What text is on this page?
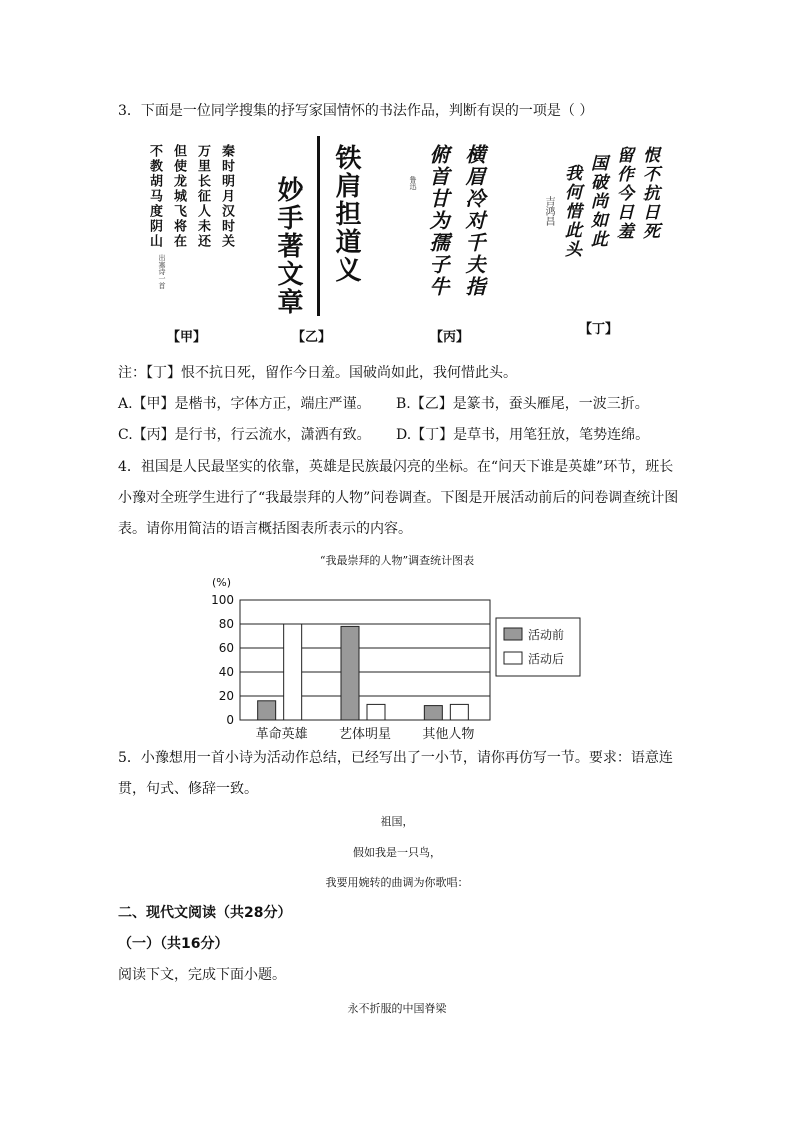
3．下面是一位同学搜集的抒写家国情怀的书法作品，判断有误的一项是（ ）
不教胡马度阴山 但使龙城飞将在 万里长征人未还 秦时明月汉时关
出塞诗一首
【甲】
铁肩担道义
妙手著文章
【乙】
俯首甘为孺子牛 横眉冷对千夫指
鲁迅
【丙】
我何惜此头 国破尚如此 留作今日羞 恨不抗日死
吉鸿昌
【丁】
注：【丁】恨不抗日死，留作今日羞。国破尚如此，我何惜此头。
A.【甲】是楷书，字体方正，端庄严谨。 B.【乙】是篆书，蚕头雁尾，一波三折。
C.【丙】是行书，行云流水，潇洒有致。 D.【丁】是草书，用笔狂放，笔势连绵。
4．祖国是人民最坚实的依靠，英雄是民族最闪亮的坐标。在“问天下谁是英雄”环节，班长
小豫对全班学生进行了“我最崇拜的人物”问卷调查。下图是开展活动前后的问卷调查统计图
表。请你用简洁的语言概括图表所表示的内容。
“我最崇拜的人物”调查统计图表
0
20
40
60
80
100
(%)
革命英雄 艺体明星 其他人物
活动前
活动后
5．小豫想用一首小诗为活动作总结，已经写出了一小节，请你再仿写一节。要求：语意连
贯，句式、修辞一致。
祖国，
假如我是一只鸟，
我要用婉转的曲调为你歌唱：
二、现代文阅读（共28分）
（一）（共16分）
阅读下文，完成下面小题。
永不折服的中国脊梁
